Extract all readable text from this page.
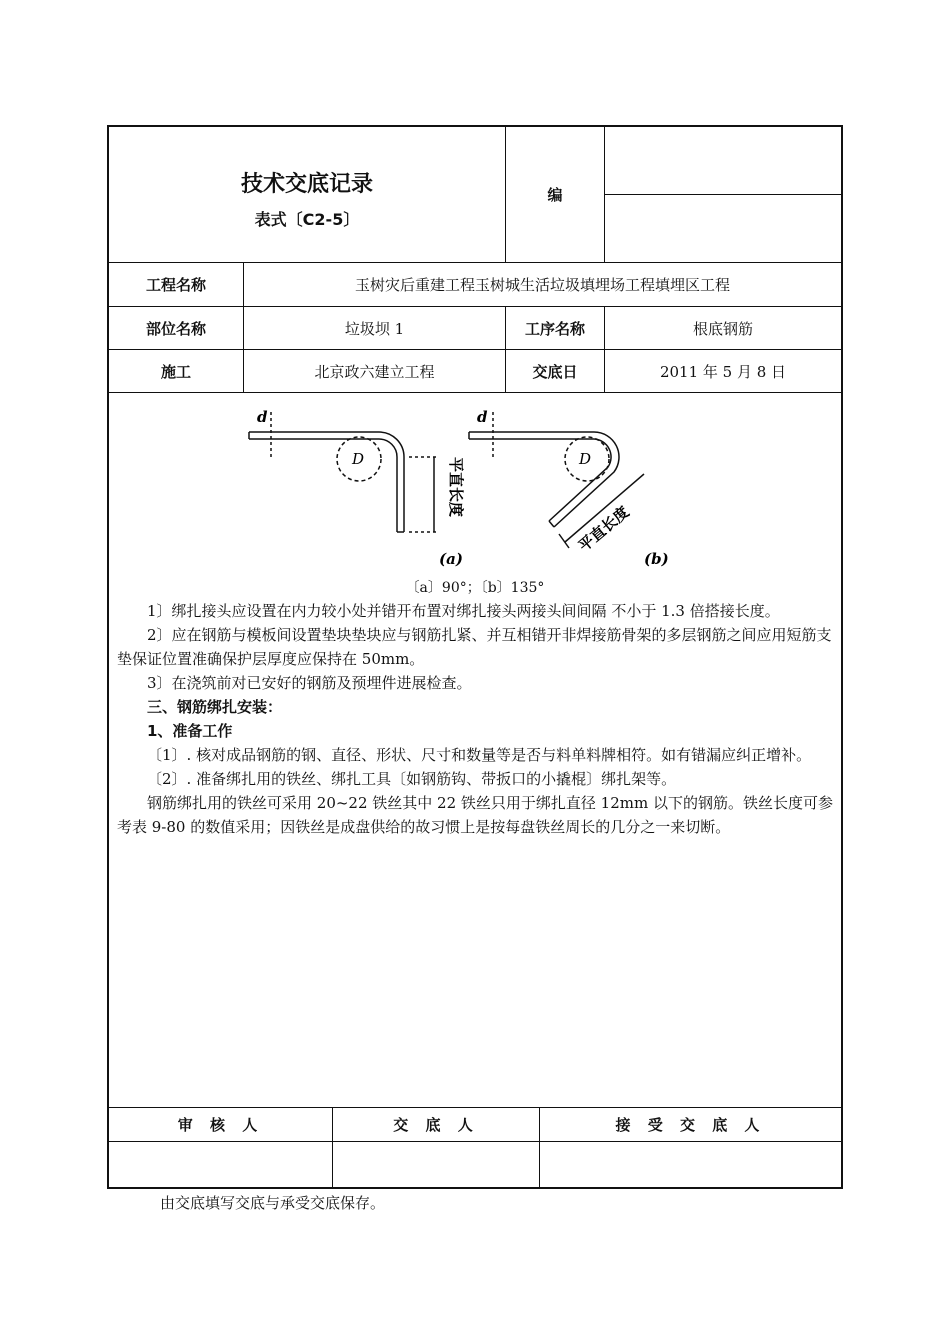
技术交底记录
表式〔C2-5〕
编
工程名称	玉树灾后重建工程玉树城生活垃圾填埋场工程填埋区工程
部位名称	垃圾坝 1	工序名称	根底钢筋
施工	北京政六建立工程	交底日	2011 年 5 月 8 日
d
D	平直长度
(a)
d
D
平直长度
(b)
〔a〕90°；〔b〕135°

1〕绑扎接头应设置在内力较小处并错开布置对绑扎接头两接头间间隔 不小于 1.3 倍搭接长度。

2〕应在钢筋与模板间设置垫块垫块应与钢筋扎紧、并互相错开非焊接筋骨架的多层钢筋之间应用短筋支垫保证位置准确保护层厚度应保持在 50mm。

3〕在浇筑前对已安好的钢筋及预埋件进展检查。

三、钢筋绑扎安装：

1、准备工作

〔1〕. 核对成品钢筋的钢、直径、形状、尺寸和数量等是否与料单料牌相符。如有错漏应纠正增补。

〔2〕. 准备绑扎用的铁丝、绑扎工具〔如钢筋钩、带扳口的小撬棍〕绑扎架等。

钢筋绑扎用的铁丝可采用 20~22 铁丝其中 22 铁丝只用于绑扎直径 12mm 以下的钢筋。铁丝长度可参考表 9-80 的数值采用；因铁丝是成盘供给的故习惯上是按每盘铁丝周长的几分之一来切断。

审 核 人	交 底 人	接 受 交 底 人
由交底填写交底与承受交底保存。
